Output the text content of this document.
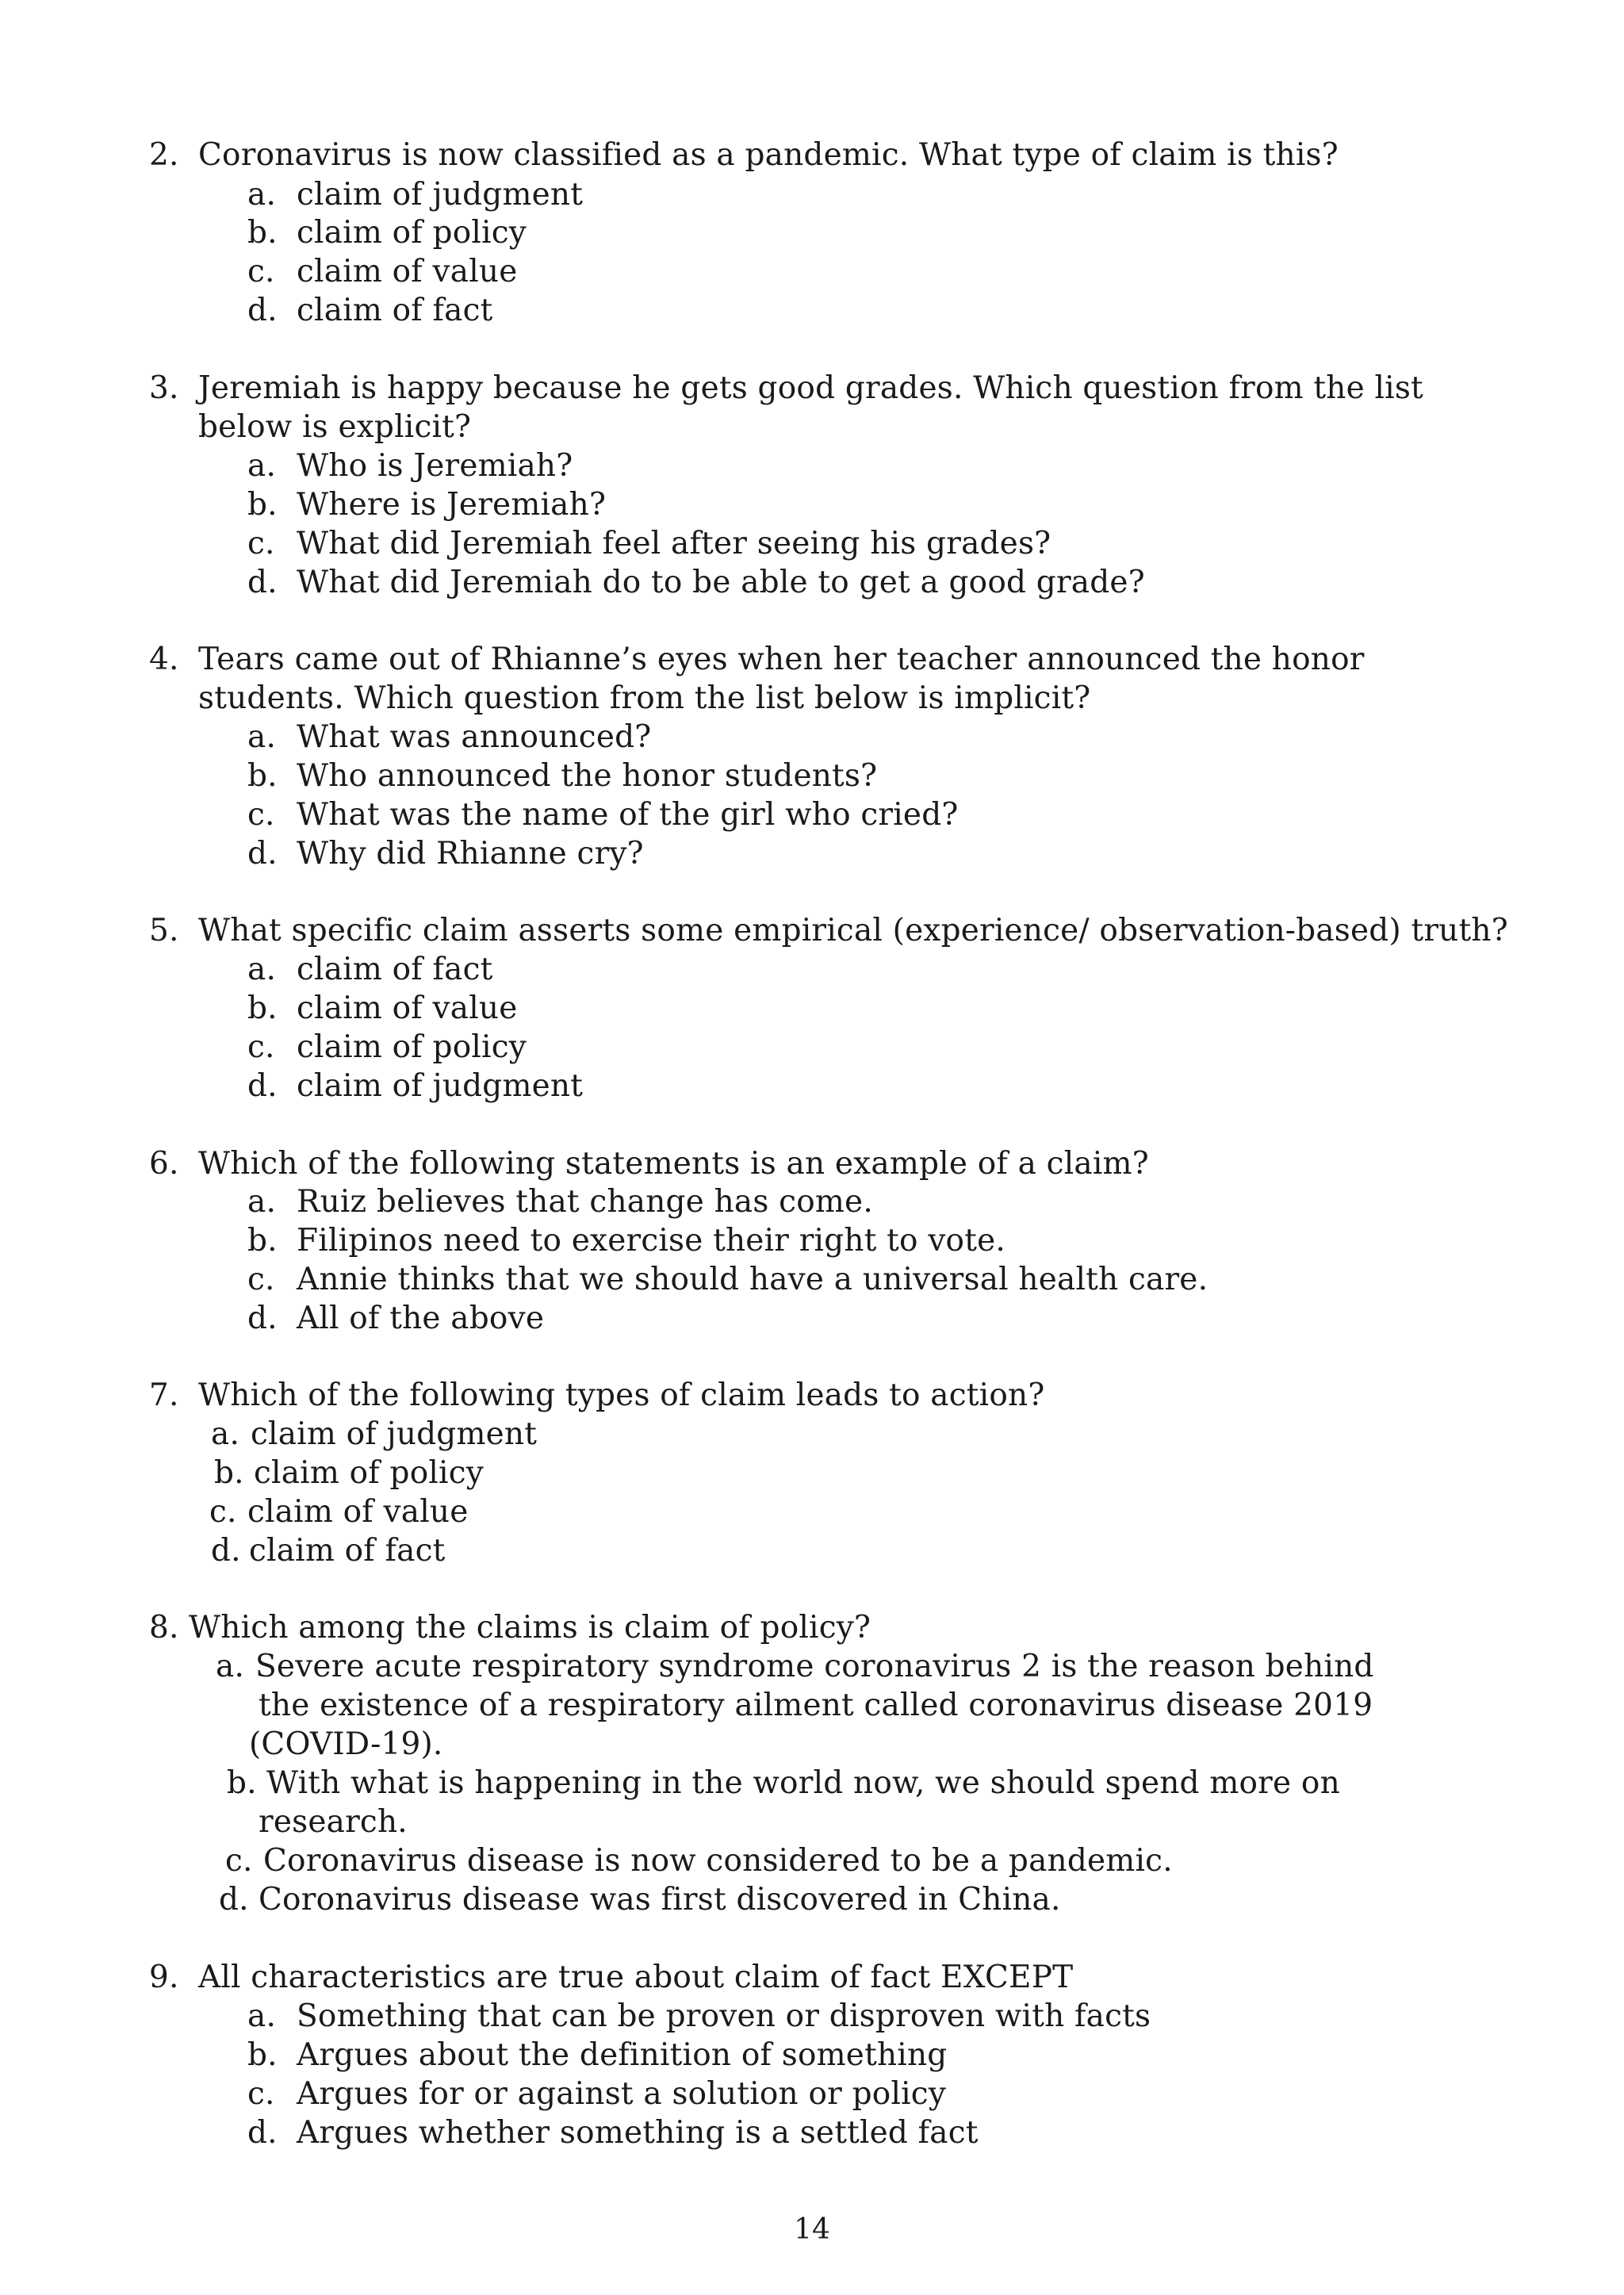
2. Coronavirus is now classified as a pandemic. What type of claim is this?
a. claim of judgment
b. claim of policy
c. claim of value
d. claim of fact
3. Jeremiah is happy because he gets good grades. Which question from the list
below is explicit?
a. Who is Jeremiah?
b. Where is Jeremiah?
c. What did Jeremiah feel after seeing his grades?
d. What did Jeremiah do to be able to get a good grade?
4. Tears came out of Rhianne’s eyes when her teacher announced the honor
students. Which question from the list below is implicit?
a. What was announced?
b. Who announced the honor students?
c. What was the name of the girl who cried?
d. Why did Rhianne cry?
5. What specific claim asserts some empirical (experience/ observation-based) truth?
a. claim of fact
b. claim of value
c. claim of policy
d. claim of judgment
6. Which of the following statements is an example of a claim?
a. Ruiz believes that change has come.
b. Filipinos need to exercise their right to vote.
c. Annie thinks that we should have a universal health care.
d. All of the above
7. Which of the following types of claim leads to action?
a. claim of judgment
b. claim of policy
c. claim of value
d. claim of fact
8. Which among the claims is claim of policy?
a. Severe acute respiratory syndrome coronavirus 2 is the reason behind
the existence of a respiratory ailment called coronavirus disease 2019
(COVID-19).
b. With what is happening in the world now, we should spend more on
research.
c. Coronavirus disease is now considered to be a pandemic.
d. Coronavirus disease was first discovered in China.
9. All characteristics are true about claim of fact EXCEPT
a. Something that can be proven or disproven with facts
b. Argues about the definition of something
c. Argues for or against a solution or policy
d. Argues whether something is a settled fact
14
